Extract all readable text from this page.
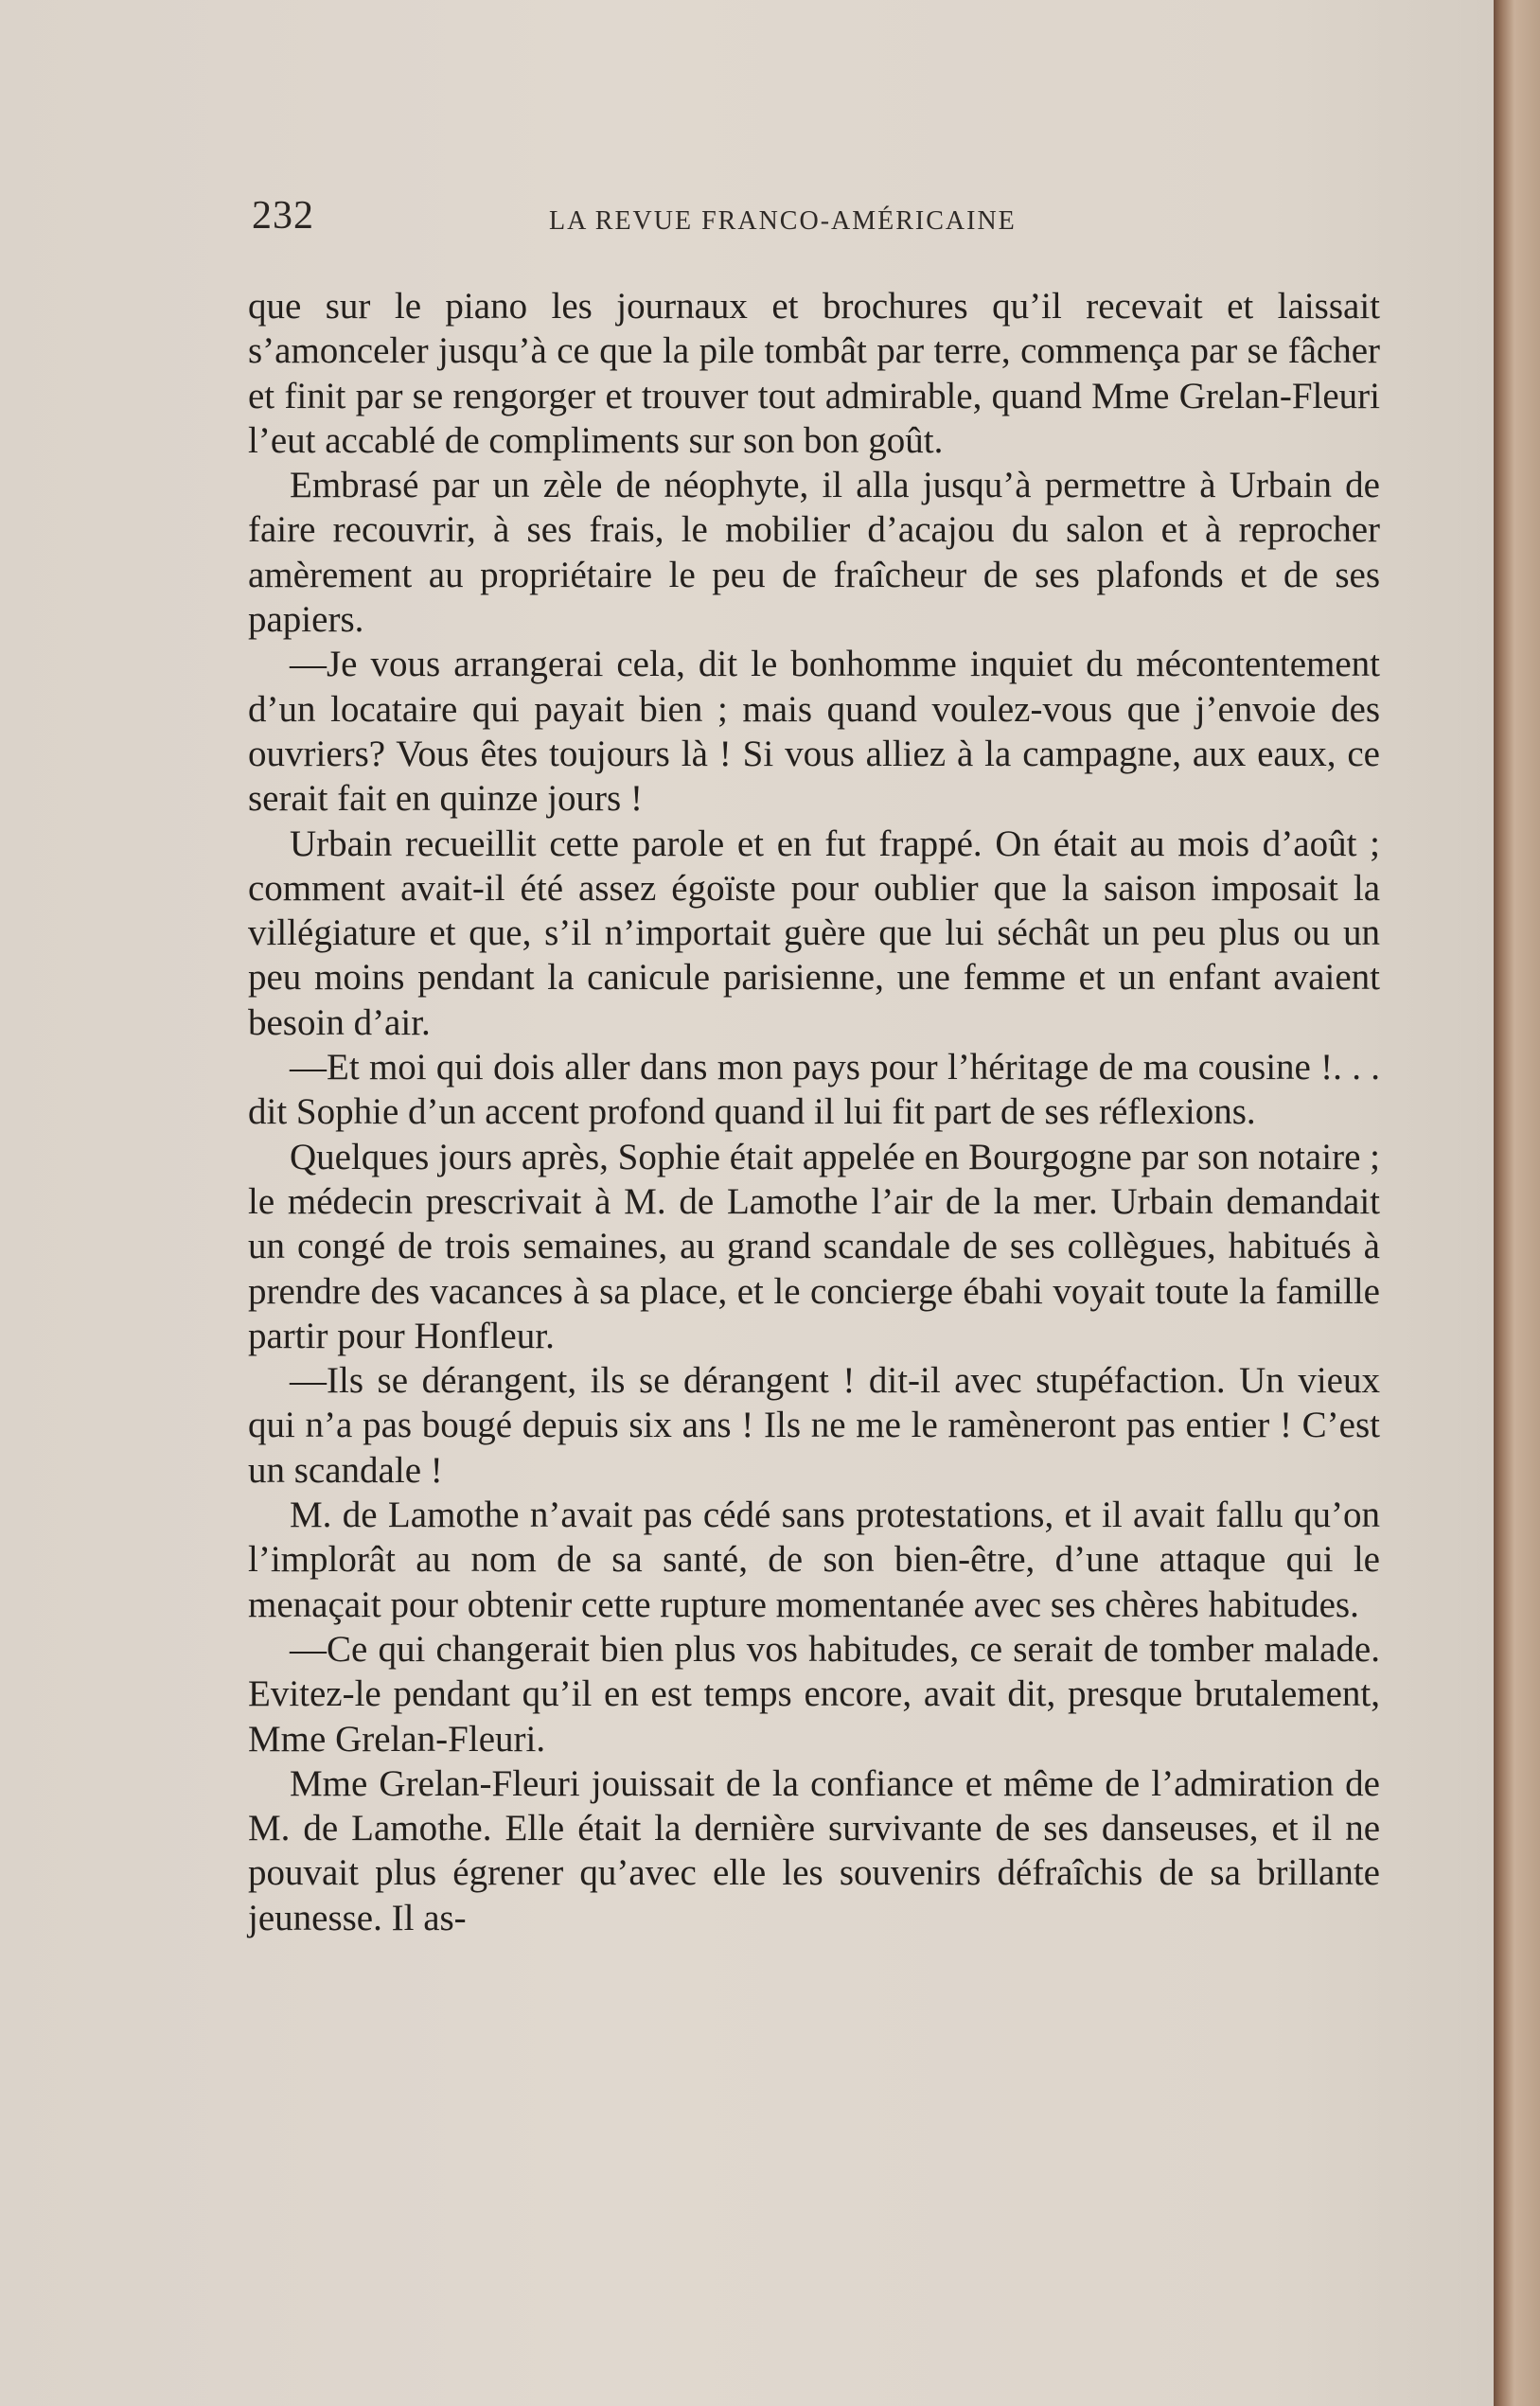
232	LA REVUE FRANCO-AMÉRICAINE

que sur le piano les journaux et brochures qu’il recevait et laissait s’amonceler jusqu’à ce que la pile tombât par terre, commença par se fâcher et finit par se rengorger et trouver tout admirable, quand Mme Grelan-Fleuri l’eut accablé de compliments sur son bon goût.

Embrasé par un zèle de néophyte, il alla jusqu’à permettre à Urbain de faire recouvrir, à ses frais, le mobilier d’acajou du salon et à reprocher amèrement au propriétaire le peu de fraîcheur de ses plafonds et de ses papiers.

—Je vous arrangerai cela, dit le bonhomme inquiet du mécontentement d’un locataire qui payait bien ; mais quand voulez-vous que j’envoie des ouvriers? Vous êtes toujours là ! Si vous alliez à la campagne, aux eaux, ce serait fait en quinze jours !

Urbain recueillit cette parole et en fut frappé. On était au mois d’août ; comment avait-il été assez égoïste pour oublier que la saison imposait la villégiature et que, s’il n’importait guère que lui séchât un peu plus ou un peu moins pendant la canicule parisienne, une femme et un enfant avaient besoin d’air.

—Et moi qui dois aller dans mon pays pour l’héritage de ma cousine !. . . dit Sophie d’un accent profond quand il lui fit part de ses réflexions.

Quelques jours après, Sophie était appelée en Bourgogne par son notaire ; le médecin prescrivait à M. de Lamothe l’air de la mer. Urbain demandait un congé de trois semaines, au grand scandale de ses collègues, habitués à prendre des vacances à sa place, et le concierge ébahi voyait toute la famille partir pour Honfleur.

—Ils se dérangent, ils se dérangent ! dit-il avec stupéfaction. Un vieux qui n’a pas bougé depuis six ans ! Ils ne me le ramèneront pas entier ! C’est un scandale !

M. de Lamothe n’avait pas cédé sans protestations, et il avait fallu qu’on l’implorât au nom de sa santé, de son bien-être, d’une attaque qui le menaçait pour obtenir cette rupture momentanée avec ses chères habitudes.

—Ce qui changerait bien plus vos habitudes, ce serait de tomber malade. Evitez-le pendant qu’il en est temps encore, avait dit, presque brutalement, Mme Grelan-Fleuri.

Mme Grelan-Fleuri jouissait de la confiance et même de l’admiration de M. de Lamothe. Elle était la dernière survivante de ses danseuses, et il ne pouvait plus égrener qu’avec elle les souvenirs défraîchis de sa brillante jeunesse. Il as-
